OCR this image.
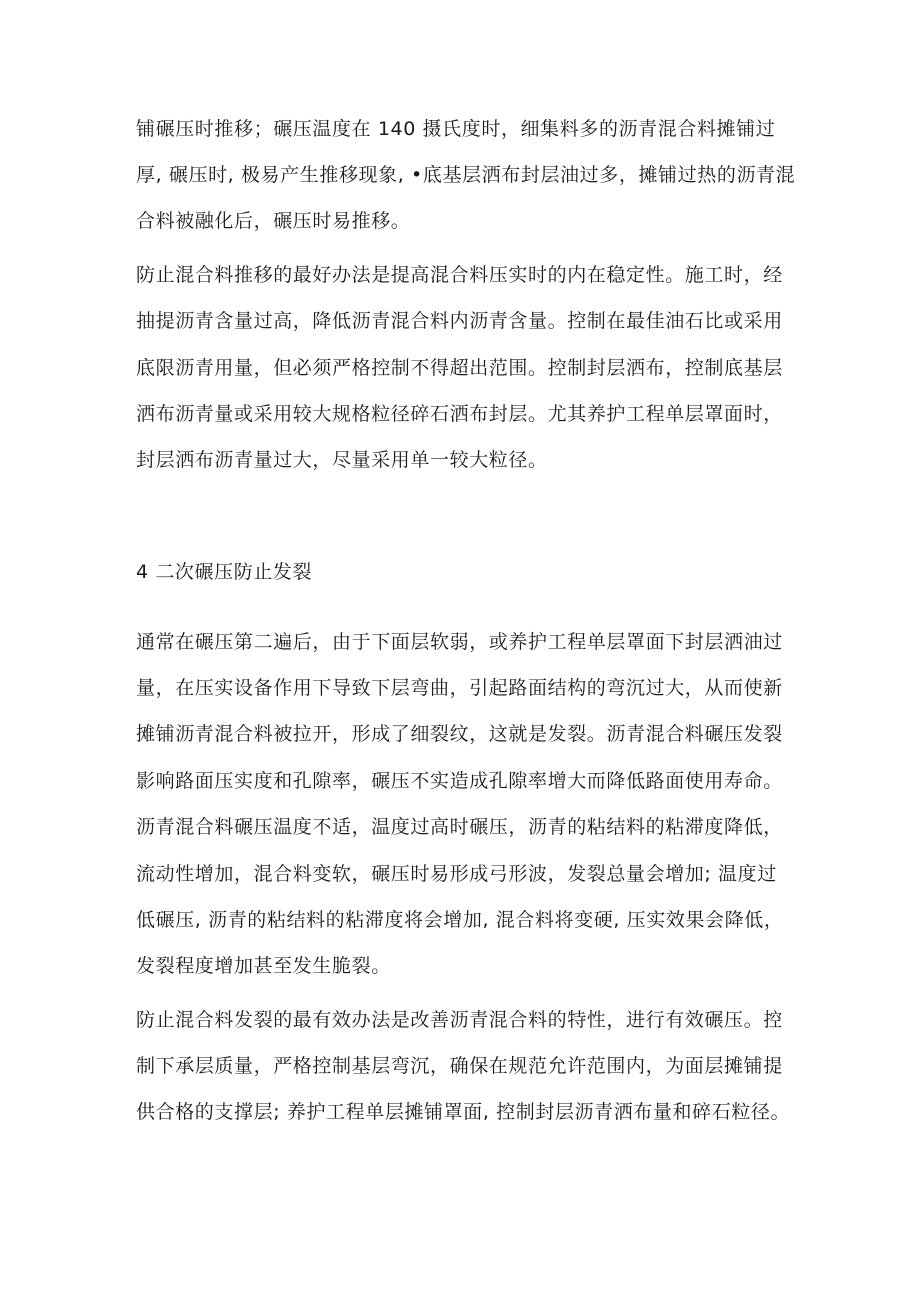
铺碾压时推移；碾压温度在 140 摄氏度时，细集料多的沥青混合料摊铺过
厚, 碾压时, 极易产生推移现象, •底基层洒布封层油过多，摊铺过热的沥青混
合料被融化后，碾压时易推移。
防止混合料推移的最好办法是提高混合料压实时的内在稳定性。施工时，经
抽提沥青含量过高，降低沥青混合料内沥青含量。控制在最佳油石比或采用
底限沥青用量，但必须严格控制不得超出范围。控制封层洒布，控制底基层
洒布沥青量或采用较大规格粒径碎石洒布封层。尤其养护工程单层罩面时，
封层洒布沥青量过大，尽量采用单一较大粒径。
4 二次碾压防止发裂
通常在碾压第二遍后，由于下面层软弱，或养护工程单层罩面下封层洒油过
量，在压实设备作用下导致下层弯曲，引起路面结构的弯沉过大，从而使新
摊铺沥青混合料被拉开，形成了细裂纹，这就是发裂。沥青混合料碾压发裂
影响路面压实度和孔隙率，碾压不实造成孔隙率增大而降低路面使用寿命。
沥青混合料碾压温度不适，温度过高时碾压，沥青的粘结料的粘滞度降低，
流动性增加，混合料变软，碾压时易形成弓形波，发裂总量会增加; 温度过
低碾压, 沥青的粘结料的粘滞度将会增加, 混合料将变硬, 压实效果会降低，
发裂程度增加甚至发生脆裂。
防止混合料发裂的最有效办法是改善沥青混合料的特性，进行有效碾压。控
制下承层质量，严格控制基层弯沉，确保在规范允许范围内，为面层摊铺提
供合格的支撑层; 养护工程单层摊铺罩面, 控制封层沥青洒布量和碎石粒径。
